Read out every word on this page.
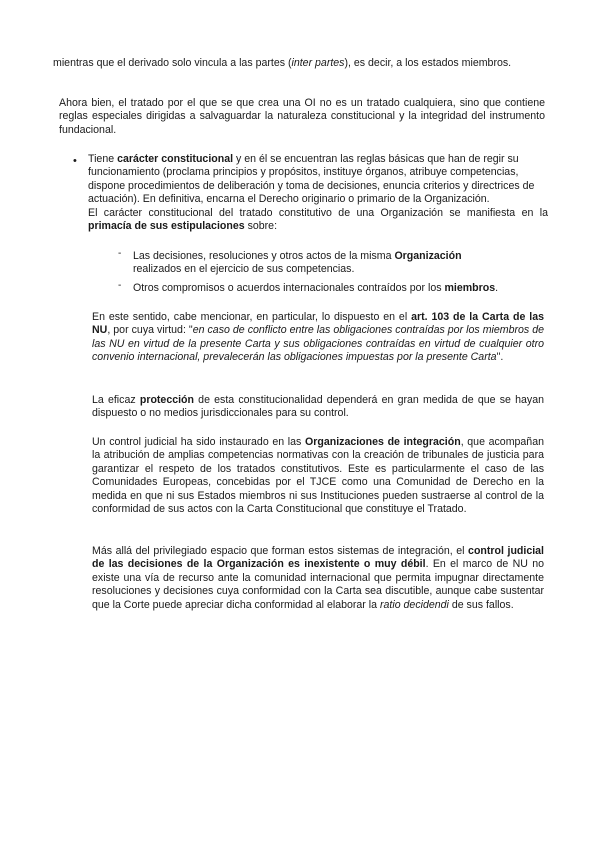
mientras que el derivado solo vincula a las partes (inter partes), es decir, a los estados miembros.

Ahora bien, el tratado por el que se que crea una OI no es un tratado cualquiera, sino que contiene reglas especiales dirigidas a salvaguardar la naturaleza constitucional y la integridad del instrumento fundacional.

• Tiene carácter constitucional y en él se encuentran las reglas básicas que han de regir su funcionamiento (proclama principios y propósitos, instituye órganos, atribuye competencias, dispone procedimientos de deliberación y toma de decisiones, enuncia criterios y directrices de actuación). En definitiva, encarna el Derecho originario o primario de la Organización.

El carácter constitucional del tratado constitutivo de una Organización se manifiesta en la primacía de sus estipulaciones sobre:

- Las decisiones, resoluciones y otros actos de la misma Organización
realizados en el ejercicio de sus competencias.

- Otros compromisos o acuerdos internacionales contraídos por los miembros.

En este sentido, cabe mencionar, en particular, lo dispuesto en el art. 103 de la Carta de las NU, por cuya virtud: "en caso de conflicto entre las obligaciones contraídas por los miembros de las NU en virtud de la presente Carta y sus obligaciones contraídas en virtud de cualquier otro convenio internacional, prevalecerán las obligaciones impuestas por la presente Carta".

La eficaz protección de esta constitucionalidad dependerá en gran medida de que se hayan dispuesto o no medios jurisdiccionales para su control.

Un control judicial ha sido instaurado en las Organizaciones de integración, que acompañan la atribución de amplias competencias normativas con la creación de tribunales de justicia para garantizar el respeto de los tratados constitutivos. Este es particularmente el caso de las Comunidades Europeas, concebidas por el TJCE como una Comunidad de Derecho en la medida en que ni sus Estados miembros ni sus Instituciones pueden sustraerse al control de la conformidad de sus actos con la Carta Constitucional que constituye el Tratado.

Más allá del privilegiado espacio que forman estos sistemas de integración, el control judicial de las decisiones de la Organización es inexistente o muy débil. En el marco de NU no existe una vía de recurso ante la comunidad internacional que permita impugnar directamente resoluciones y decisiones cuya conformidad con la Carta sea discutible, aunque cabe sustentar que la Corte puede apreciar dicha conformidad al elaborar la ratio decidendi de sus fallos.
